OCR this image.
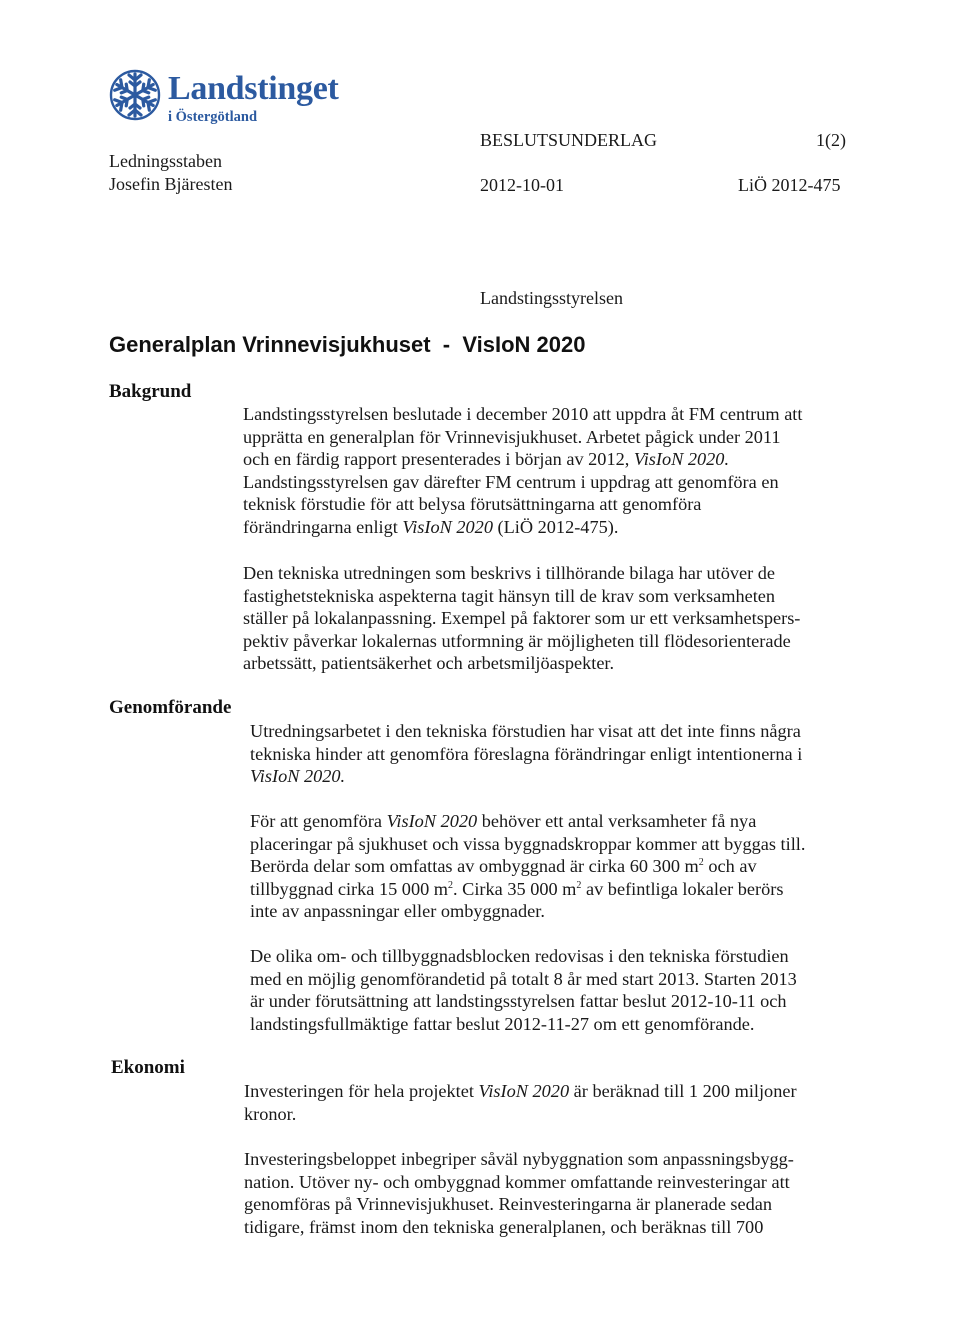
Landstinget
i Östergötland
Ledningsstaben
Josefin Bjäresten
BESLUTSUNDERLAG	1(2)
2012-10-01	LiÖ 2012-475
Landstingsstyrelsen
Generalplan Vrinnevisjukhuset  -  VisIoN 2020
Bakgrund

Landstingsstyrelsen beslutade i december 2010 att uppdra åt FM centrum att

upprätta en generalplan för Vrinnevisjukhuset. Arbetet pågick under 2011

och en färdig rapport presenterades i början av 2012, VisIoN 2020.

Landstingsstyrelsen gav därefter FM centrum i uppdrag att genomföra en

teknisk förstudie för att belysa förutsättningarna att genomföra

förändringarna enligt VisIoN 2020 (LiÖ 2012-475).

Den tekniska utredningen som beskrivs i tillhörande bilaga har utöver de

fastighetstekniska aspekterna tagit hänsyn till de krav som verksamheten

ställer på lokalanpassning. Exempel på faktorer som ur ett verksamhetspers-

pektiv påverkar lokalernas utformning är möjligheten till flödesorienterade

arbetssätt, patientsäkerhet och arbetsmiljöaspekter.

Genomförande

Utredningsarbetet i den tekniska förstudien har visat att det inte finns några

tekniska hinder att genomföra föreslagna förändringar enligt intentionerna i

VisIoN 2020.

För att genomföra VisIoN 2020 behöver ett antal verksamheter få nya

placeringar på sjukhuset och vissa byggnadskroppar kommer att byggas till.

Berörda delar som omfattas av ombyggnad är cirka 60 300 $m^2$ och av

tillbyggnad cirka 15 000 $m^2$. Cirka 35 000 $m^2$ av befintliga lokaler berörs

inte av anpassningar eller ombyggnader.

De olika om- och tillbyggnadsblocken redovisas i den tekniska förstudien

med en möjlig genomförandetid på totalt 8 år med start 2013. Starten 2013

är under förutsättning att landstingsstyrelsen fattar beslut 2012-10-11 och

landstingsfullmäktige fattar beslut 2012-11-27 om ett genomförande.

Ekonomi

Investeringen för hela projektet VisIoN 2020 är beräknad till 1 200 miljoner

kronor.

Investeringsbeloppet inbegriper såväl nybyggnation som anpassningsbygg-

nation. Utöver ny- och ombyggnad kommer omfattande reinvesteringar att

genomföras på Vrinnevisjukhuset. Reinvesteringarna är planerade sedan

tidigare, främst inom den tekniska generalplanen, och beräknas till 700
